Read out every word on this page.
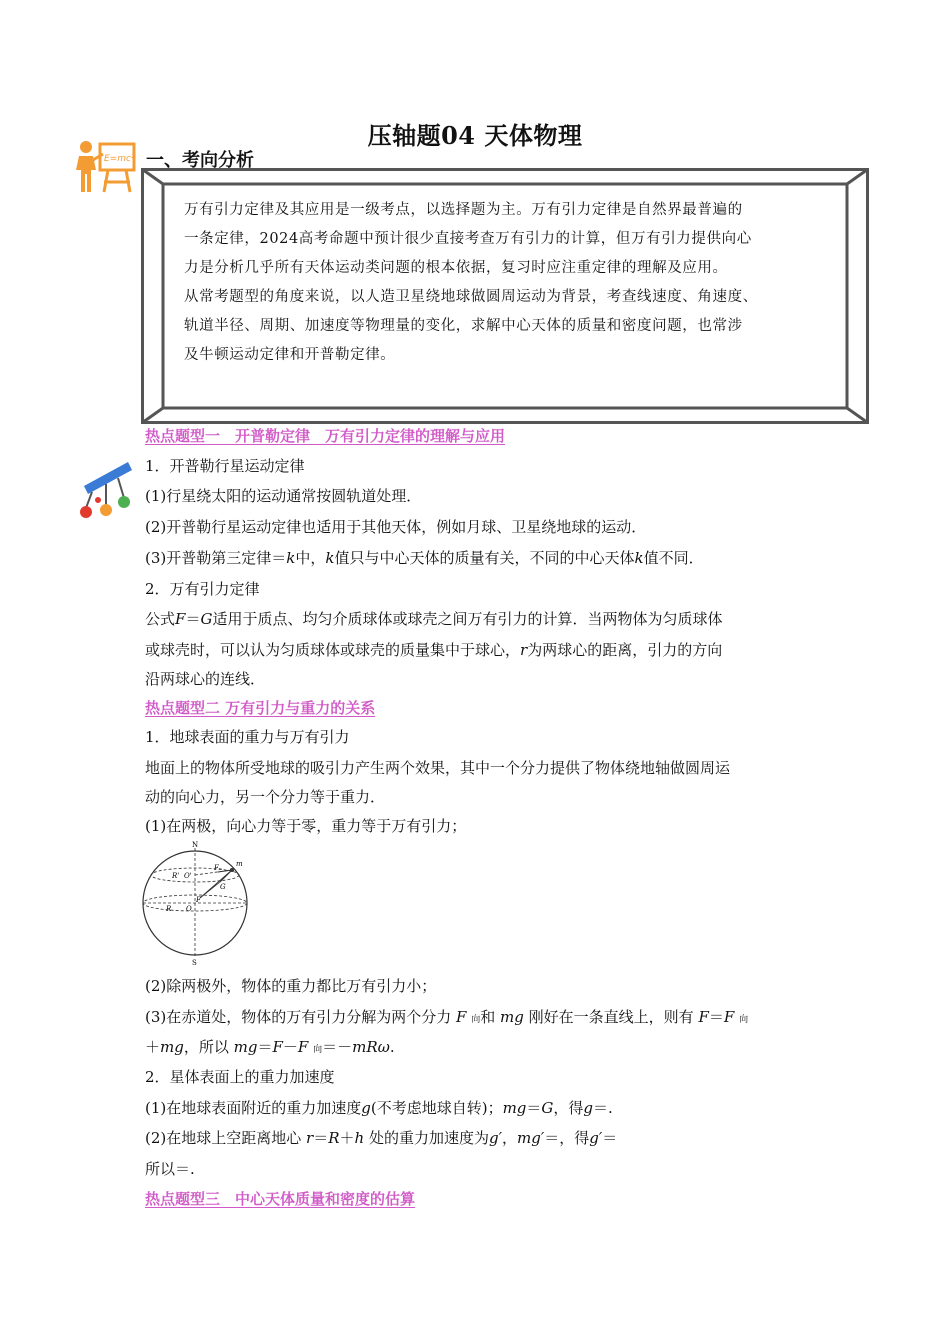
压轴题04 天体物理
E=mc² 一、考向分析

万有引力定律及其应用是一级考点，以选择题为主。万有引力定律是自然界最普遍的

一条定律，2024高考命题中预计很少直接考查万有引力的计算，但万有引力提供向心

力是分析几乎所有天体运动类问题的根本依据，复习时应注重定律的理解及应用。

从常考题型的角度来说，以人造卫星绕地球做圆周运动为背景，考查线速度、角速度、

轨道半径、周期、加速度等物理量的变化，求解中心天体的质量和密度问题，也常涉

及牛顿运动定律和开普勒定律。

热点题型一　开普勒定律　万有引力定律的理解与应用
1．开普勒行星运动定律
(1)行星绕太阳的运动通常按圆轨道处理．
(2)开普勒行星运动定律也适用于其他天体，例如月球、卫星绕地球的运动．
(3)开普勒第三定律＝k中，k值只与中心天体的质量有关，不同的中心天体k值不同．
2．万有引力定律
公式F＝G适用于质点、均匀介质球体或球壳之间万有引力的计算．当两物体为匀质球体
或球壳时，可以认为匀质球体或球壳的质量集中于球心，r为两球心的距离，引力的方向
沿两球心的连线．
热点题型二 万有引力与重力的关系
1．地球表面的重力与万有引力
地面上的物体所受地球的吸引力产生两个效果，其中一个分力提供了物体绕地轴做圆周运
动的向心力，另一个分力等于重力．
(1)在两极，向心力等于零，重力等于万有引力；
N
S
m
R' O'
R O
Fₙ
F
G
(2)除两极外，物体的重力都比万有引力小；
(3)在赤道处，物体的万有引力分解为两个分力 F 向和 mg 刚好在一条直线上，则有 F＝F 向
＋mg，所以 mg＝F－F 向＝－mRω.
2．星体表面上的重力加速度
(1)在地球表面附近的重力加速度g(不考虑地球自转)；mg＝G，得g＝.
(2)在地球上空距离地心 r＝R＋h 处的重力加速度为g′，mg′＝，得g′＝
所以＝.
热点题型三　中心天体质量和密度的估算
